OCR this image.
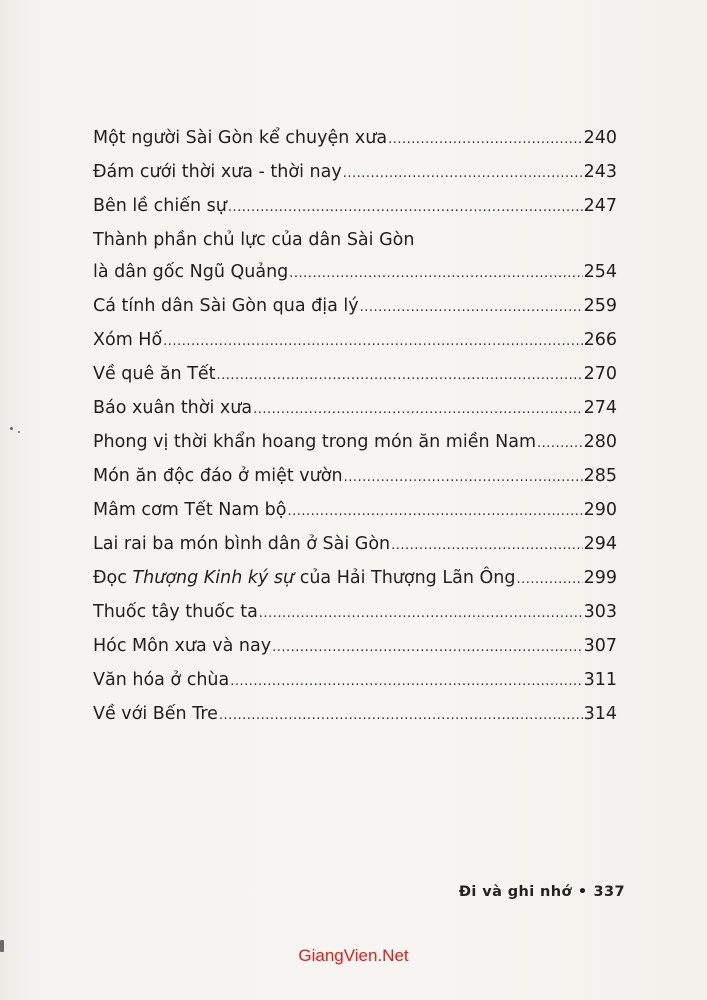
Một người Sài Gòn kể chuyện xưa .....	240
Đám cưới thời xưa - thời nay .....	243
Bên lề chiến sự .....	247
Thành phần chủ lực của dân Sài Gòn
là dân gốc Ngũ Quảng .....	254
Cá tính dân Sài Gòn qua địa lý .....	259
Xóm Hố .....	266
Về quê ăn Tết .....	270
Báo xuân thời xưa .....	274
Phong vị thời khẩn hoang trong món ăn miền Nam .....	280
Món ăn độc đáo ở miệt vườn .....	285
Mâm cơm Tết Nam bộ .....	290
Lai rai ba món bình dân ở Sài Gòn .....	294
Đọc Thượng Kinh ký sự của Hải Thượng Lãn Ông .....	299
Thuốc tây thuốc ta .....	303
Hóc Môn xưa và nay .....	307
Văn hóa ở chùa .....	311
Về với Bến Tre .....	314
Đi và ghi nhớ • 337
GiangVien.Net
